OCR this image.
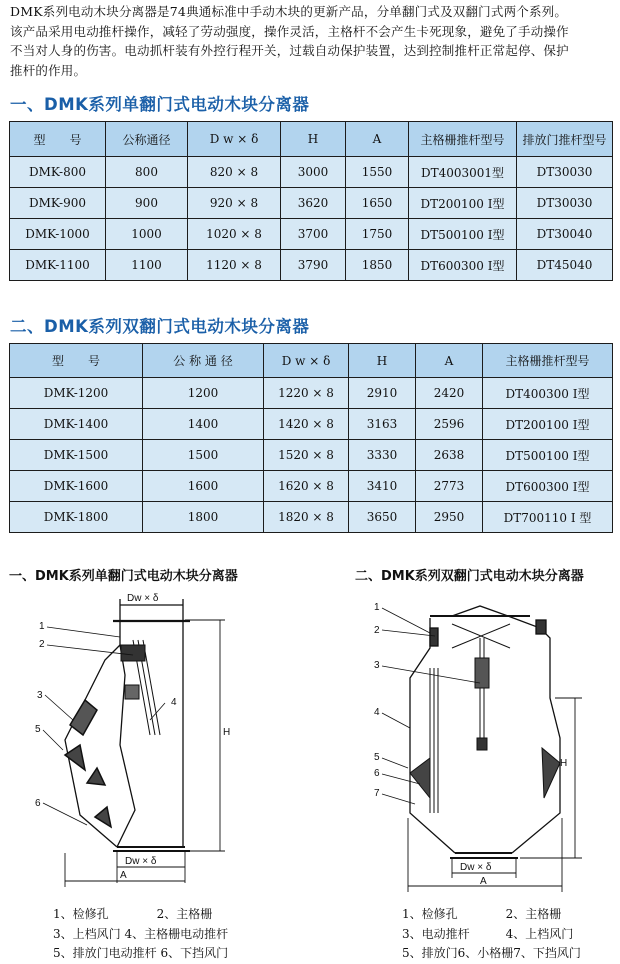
DMK系列电动木块分离器是74典通标准中手动木块的更新产品，分单翻门式及双翻门式两个系列。
该产品采用电动推杆操作，减轻了劳动强度，操作灵活，主格杆不会产生卡死现象，避免了手动操作
不当对人身的伤害。电动抓杆装有外控行程开关，过载自动保护装置，达到控制推杆正常起停、保护
推杆的作用。

一、DMK系列单翻门式电动木块分离器
型　　号	公称通径	D w × δ	H	A	主格栅推杆型号	排放门推杆型号
DMK-800	800	820 × 8	3000	1550	DT4003001型	DT30030
DMK-900	900	920 × 8	3620	1650	DT200100 I型	DT30030
DMK-1000	1000	1020 × 8	3700	1750	DT500100 I型	DT30040
DMK-1100	1100	1120 × 8	3790	1850	DT600300 I型	DT45040
二、DMK系列双翻门式电动木块分离器
型　　号	公 称 通 径	D w × δ	H	A	主格栅推杆型号
DMK-1200	1200	1220 × 8	2910	2420	DT400300 I型
DMK-1400	1400	1420 × 8	3163	2596	DT200100 I型
DMK-1500	1500	1520 × 8	3330	2638	DT500100 I型
DMK-1600	1600	1620 × 8	3410	2773	DT600300 I型
DMK-1800	1800	1820 × 8	3650	2950	DT700110 I 型
一、DMK系列单翻门式电动木块分离器
Dw × δ
1
2
3
4
5
6
H
Dw × δ
A

1、检修孔　　　　2、主格栅
3、上档风门 4、主格栅电动推杆
5、排放门电动推杆 6、下挡风门

二、DMK系列双翻门式电动木块分离器
1
2
3
4
5
6
7
H
Dw × δ
A

1、检修孔　　　　2、主格栅
3、电动推杆　　　4、上档风门
5、排放门6、小格栅7、下挡风门
